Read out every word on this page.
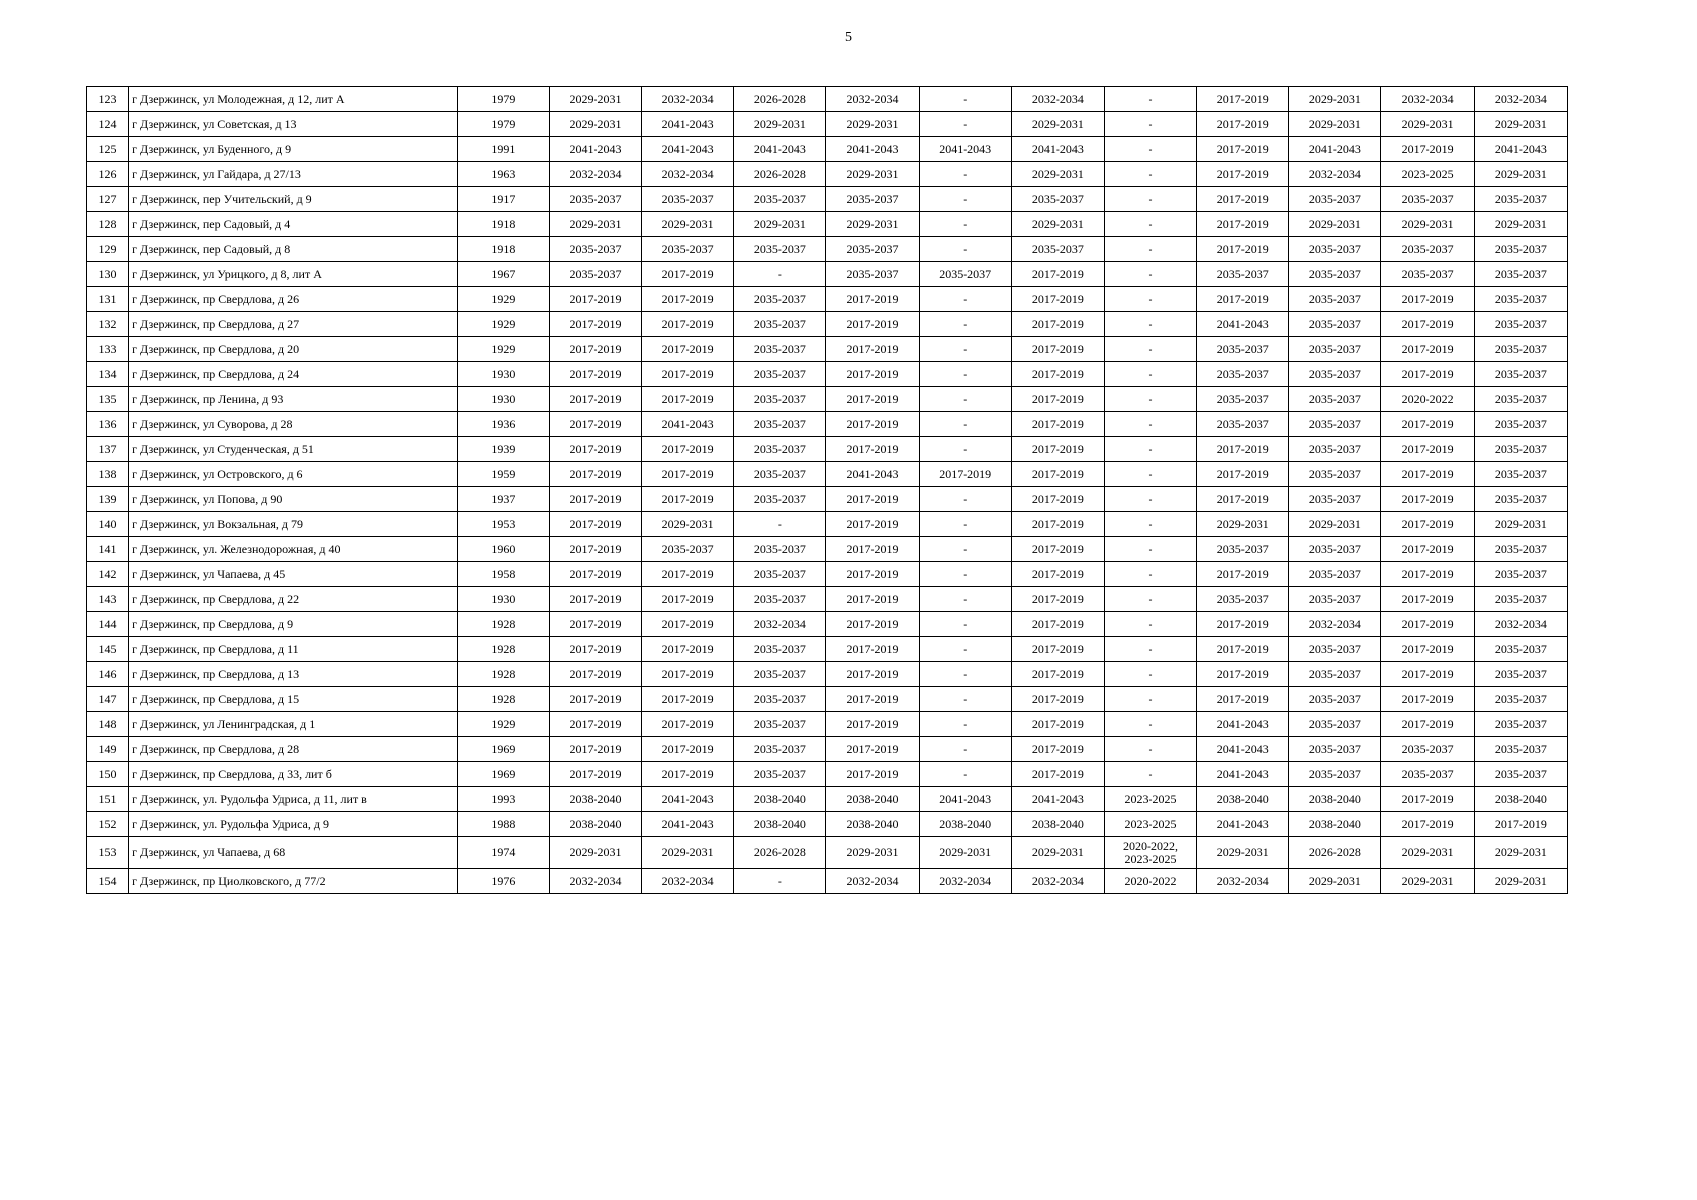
5
123	г Дзержинск, ул Молодежная, д 12, лит А	1979	2029-2031	2032-2034	2026-2028	2032-2034	-	2032-2034	-	2017-2019	2029-2031	2032-2034	2032-2034
124	г Дзержинск, ул Советская, д 13	1979	2029-2031	2041-2043	2029-2031	2029-2031	-	2029-2031	-	2017-2019	2029-2031	2029-2031	2029-2031
125	г Дзержинск, ул Буденного, д 9	1991	2041-2043	2041-2043	2041-2043	2041-2043	2041-2043	2041-2043	-	2017-2019	2041-2043	2017-2019	2041-2043
126	г Дзержинск, ул Гайдара, д 27/13	1963	2032-2034	2032-2034	2026-2028	2029-2031	-	2029-2031	-	2017-2019	2032-2034	2023-2025	2029-2031
127	г Дзержинск, пер Учительский, д 9	1917	2035-2037	2035-2037	2035-2037	2035-2037	-	2035-2037	-	2017-2019	2035-2037	2035-2037	2035-2037
128	г Дзержинск, пер Садовый, д 4	1918	2029-2031	2029-2031	2029-2031	2029-2031	-	2029-2031	-	2017-2019	2029-2031	2029-2031	2029-2031
129	г Дзержинск, пер Садовый, д 8	1918	2035-2037	2035-2037	2035-2037	2035-2037	-	2035-2037	-	2017-2019	2035-2037	2035-2037	2035-2037
130	г Дзержинск, ул Урицкого, д 8, лит А	1967	2035-2037	2017-2019	-	2035-2037	2035-2037	2017-2019	-	2035-2037	2035-2037	2035-2037	2035-2037
131	г Дзержинск, пр Свердлова, д 26	1929	2017-2019	2017-2019	2035-2037	2017-2019	-	2017-2019	-	2017-2019	2035-2037	2017-2019	2035-2037
132	г Дзержинск, пр Свердлова, д 27	1929	2017-2019	2017-2019	2035-2037	2017-2019	-	2017-2019	-	2041-2043	2035-2037	2017-2019	2035-2037
133	г Дзержинск, пр Свердлова, д 20	1929	2017-2019	2017-2019	2035-2037	2017-2019	-	2017-2019	-	2035-2037	2035-2037	2017-2019	2035-2037
134	г Дзержинск, пр Свердлова, д 24	1930	2017-2019	2017-2019	2035-2037	2017-2019	-	2017-2019	-	2035-2037	2035-2037	2017-2019	2035-2037
135	г Дзержинск, пр Ленина, д 93	1930	2017-2019	2017-2019	2035-2037	2017-2019	-	2017-2019	-	2035-2037	2035-2037	2020-2022	2035-2037
136	г Дзержинск, ул Суворова, д 28	1936	2017-2019	2041-2043	2035-2037	2017-2019	-	2017-2019	-	2035-2037	2035-2037	2017-2019	2035-2037
137	г Дзержинск, ул Студенческая, д 51	1939	2017-2019	2017-2019	2035-2037	2017-2019	-	2017-2019	-	2017-2019	2035-2037	2017-2019	2035-2037
138	г Дзержинск, ул Островского, д 6	1959	2017-2019	2017-2019	2035-2037	2041-2043	2017-2019	2017-2019	-	2017-2019	2035-2037	2017-2019	2035-2037
139	г Дзержинск, ул Попова, д 90	1937	2017-2019	2017-2019	2035-2037	2017-2019	-	2017-2019	-	2017-2019	2035-2037	2017-2019	2035-2037
140	г Дзержинск, ул Вокзальная, д 79	1953	2017-2019	2029-2031	-	2017-2019	-	2017-2019	-	2029-2031	2029-2031	2017-2019	2029-2031
141	г Дзержинск, ул. Железнодорожная, д 40	1960	2017-2019	2035-2037	2035-2037	2017-2019	-	2017-2019	-	2035-2037	2035-2037	2017-2019	2035-2037
142	г Дзержинск, ул Чапаева, д 45	1958	2017-2019	2017-2019	2035-2037	2017-2019	-	2017-2019	-	2017-2019	2035-2037	2017-2019	2035-2037
143	г Дзержинск, пр Свердлова, д 22	1930	2017-2019	2017-2019	2035-2037	2017-2019	-	2017-2019	-	2035-2037	2035-2037	2017-2019	2035-2037
144	г Дзержинск, пр Свердлова, д 9	1928	2017-2019	2017-2019	2032-2034	2017-2019	-	2017-2019	-	2017-2019	2032-2034	2017-2019	2032-2034
145	г Дзержинск, пр Свердлова, д 11	1928	2017-2019	2017-2019	2035-2037	2017-2019	-	2017-2019	-	2017-2019	2035-2037	2017-2019	2035-2037
146	г Дзержинск, пр Свердлова, д 13	1928	2017-2019	2017-2019	2035-2037	2017-2019	-	2017-2019	-	2017-2019	2035-2037	2017-2019	2035-2037
147	г Дзержинск, пр Свердлова, д 15	1928	2017-2019	2017-2019	2035-2037	2017-2019	-	2017-2019	-	2017-2019	2035-2037	2017-2019	2035-2037
148	г Дзержинск, ул Ленинградская, д 1	1929	2017-2019	2017-2019	2035-2037	2017-2019	-	2017-2019	-	2041-2043	2035-2037	2017-2019	2035-2037
149	г Дзержинск, пр Свердлова, д 28	1969	2017-2019	2017-2019	2035-2037	2017-2019	-	2017-2019	-	2041-2043	2035-2037	2035-2037	2035-2037
150	г Дзержинск, пр Свердлова, д 33, лит б	1969	2017-2019	2017-2019	2035-2037	2017-2019	-	2017-2019	-	2041-2043	2035-2037	2035-2037	2035-2037
151	г Дзержинск, ул. Рудольфа Удриса, д 11, лит в	1993	2038-2040	2041-2043	2038-2040	2038-2040	2041-2043	2041-2043	2023-2025	2038-2040	2038-2040	2017-2019	2038-2040
152	г Дзержинск, ул. Рудольфа Удриса, д 9	1988	2038-2040	2041-2043	2038-2040	2038-2040	2038-2040	2038-2040	2023-2025	2041-2043	2038-2040	2017-2019	2017-2019
153	г Дзержинск, ул Чапаева, д 68	1974	2029-2031	2029-2031	2026-2028	2029-2031	2029-2031	2029-2031	2020-2022, 2023-2025	2029-2031	2026-2028	2029-2031	2029-2031
154	г Дзержинск, пр Циолковского, д 77/2	1976	2032-2034	2032-2034	-	2032-2034	2032-2034	2032-2034	2020-2022	2032-2034	2029-2031	2029-2031	2029-2031
